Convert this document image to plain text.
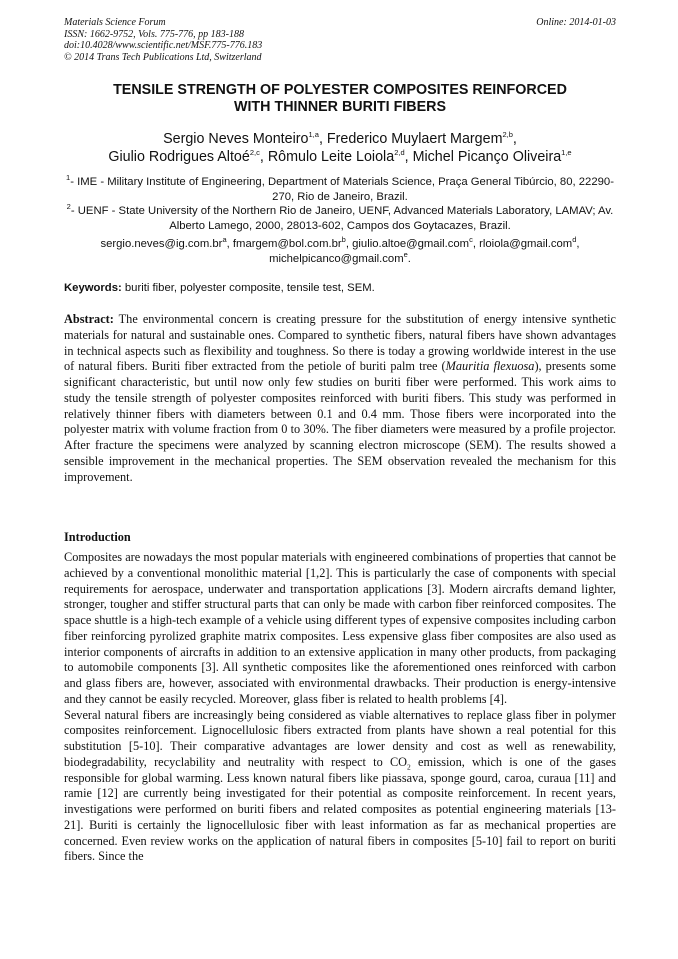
Materials Science Forum
ISSN: 1662-9752, Vols. 775-776, pp 183-188
doi:10.4028/www.scientific.net/MSF.775-776.183
© 2014 Trans Tech Publications Ltd, Switzerland
Online: 2014-01-03
TENSILE STRENGTH OF POLYESTER COMPOSITES REINFORCED
WITH THINNER BURITI FIBERS
Sergio Neves Monteiro$^{1,a}$, Frederico Muylaert Margem$^{2,b}$,
Giulio Rodrigues Altoé$^{2,c}$, Rômulo Leite Loiola$^{2,d}$, Michel Picanço Oliveira$^{1,e}$
$^1$- IME - Military Institute of Engineering, Department of Materials Science, Praça General Tibúrcio, 80, 22290-270, Rio de Janeiro, Brazil.
$^2$- UENF - State University of the Northern Rio de Janeiro, UENF, Advanced Materials Laboratory, LAMAV; Av. Alberto Lamego, 2000, 28013-602, Campos dos Goytacazes, Brazil.
$sergio.neves@ig.com.br^a$, $fmargem@bol.com.br^b$, giulio.altoe@gmail.com$^c$, rloiola@gmail.com$^d$,
michelpicanco@gmail.com$^e$.
Keywords: buriti fiber, polyester composite, tensile test, SEM.
Abstract: The environmental concern is creating pressure for the substitution of energy intensive synthetic materials for natural and sustainable ones. Compared to synthetic fibers, natural fibers have shown advantages in technical aspects such as flexibility and toughness. So there is today a growing worldwide interest in the use of natural fibers. Buriti fiber extracted from the petiole of buriti palm tree (Mauritia flexuosa), presents some significant characteristic, but until now only few studies on buriti fiber were performed. This work aims to study the tensile strength of polyester composites reinforced with buriti fibers. This study was performed in relatively thinner fibers with diameters between 0.1 and 0.4 mm. Those fibers were incorporated into the polyester matrix with volume fraction from 0 to 30%. The fiber diameters were measured by a profile projector. After fracture the specimens were analyzed by scanning electron microscope (SEM). The results showed a sensible improvement in the mechanical properties. The SEM observation revealed the mechanism for this improvement.
Introduction

Composites are nowadays the most popular materials with engineered combinations of properties that cannot be achieved by a conventional monolithic material [1,2]. This is particularly the case of components with special requirements for aerospace, underwater and transportation applications [3]. Modern aircrafts demand lighter, stronger, tougher and stiffer structural parts that can only be made with carbon fiber reinforced composites. The space shuttle is a high-tech example of a vehicle using different types of expensive composites including carbon fiber reinforcing pyrolized graphite matrix composites. Less expensive glass fiber composites are also used as interior components of aircrafts in addition to an extensive application in many other products, from packaging to automobile components [3]. All synthetic composites like the aforementioned ones reinforced with carbon and glass fibers are, however, associated with environmental drawbacks. Their production is energy-intensive and they cannot be easily recycled. Moreover, glass fiber is related to health problems [4].

Several natural fibers are increasingly being considered as viable alternatives to replace glass fiber in polymer composites reinforcement. Lignocellulosic fibers extracted from plants have shown a real potential for this substitution [5-10]. Their comparative advantages are lower density and cost as well as renewability, biodegradability, recyclability and neutrality with respect to $CO_2$ emission, which is one of the gases responsible for global warming. Less known natural fibers like piassava, sponge gourd, caroa, curaua [11] and ramie [12] are currently being investigated for their potential as composite reinforcement. In recent years, investigations were performed on buriti fibers and related composites as potential engineering materials [13-21]. Buriti is certainly the lignocellulosic fiber with least information as far as mechanical properties are concerned. Even review works on the application of natural fibers in composites [5-10] fail to report on buriti fibers. Since the
